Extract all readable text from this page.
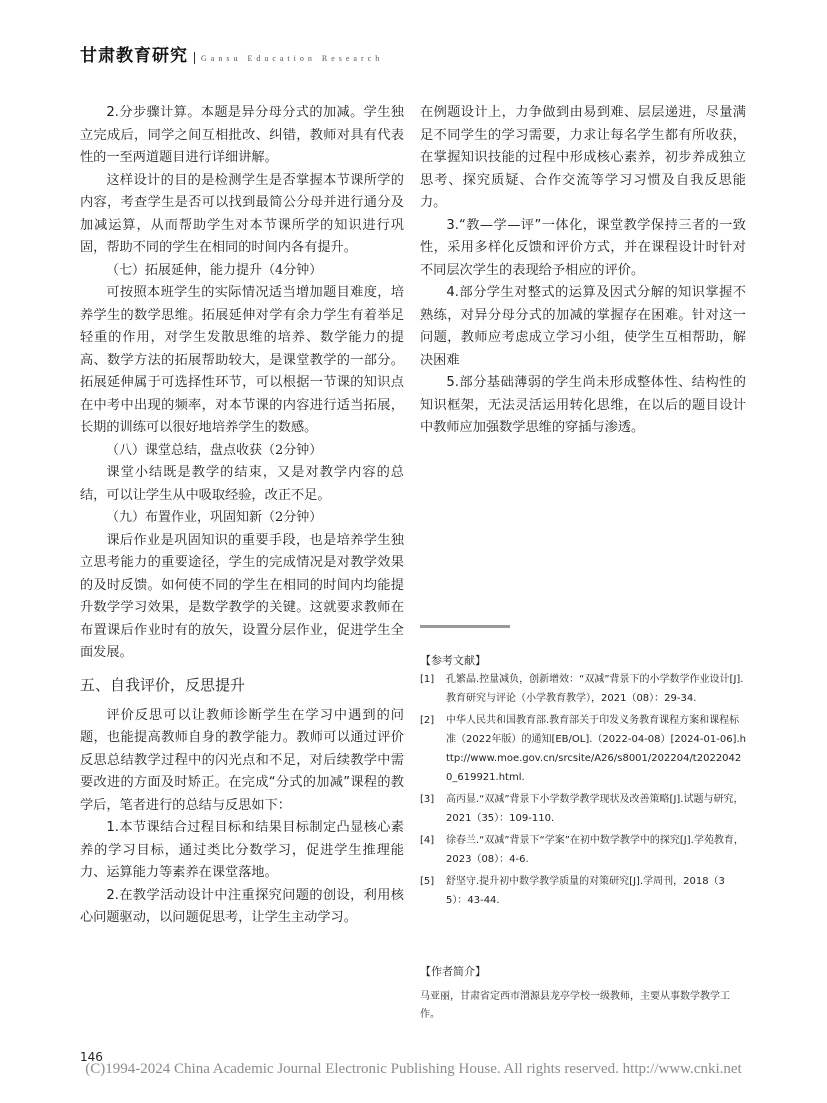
甘肃教育研究 Gansu Education Research

2.分步骤计算。本题是异分母分式的加减。学生独立完成后，同学之间互相批改、纠错，教师对具有代表性的一至两道题目进行详细讲解。

这样设计的目的是检测学生是否掌握本节课所学的内容，考查学生是否可以找到最简公分母并进行通分及加减运算，从而帮助学生对本节课所学的知识进行巩固，帮助不同的学生在相同的时间内各有提升。

（七）拓展延伸，能力提升（4分钟）

可按照本班学生的实际情况适当增加题目难度，培养学生的数学思维。拓展延伸对学有余力学生有着举足轻重的作用，对学生发散思维的培养、数学能力的提高、数学方法的拓展帮助较大，是课堂教学的一部分。拓展延伸属于可选择性环节，可以根据一节课的知识点在中考中出现的频率，对本节课的内容进行适当拓展，长期的训练可以很好地培养学生的数感。

（八）课堂总结，盘点收获（2分钟）

课堂小结既是教学的结束，又是对教学内容的总结，可以让学生从中吸取经验，改正不足。

（九）布置作业，巩固知新（2分钟）

课后作业是巩固知识的重要手段，也是培养学生独立思考能力的重要途径，学生的完成情况是对教学效果的及时反馈。如何使不同的学生在相同的时间内均能提升数学学习效果，是数学教学的关键。这就要求教师在布置课后作业时有的放矢，设置分层作业，促进学生全面发展。

五、自我评价，反思提升

评价反思可以让教师诊断学生在学习中遇到的问题，也能提高教师自身的教学能力。教师可以通过评价反思总结教学过程中的闪光点和不足，对后续教学中需要改进的方面及时矫正。在完成“分式的加减”课程的教学后，笔者进行的总结与反思如下：

1.本节课结合过程目标和结果目标制定凸显核心素养的学习目标，通过类比分数学习，促进学生推理能力、运算能力等素养在课堂落地。

2.在教学活动设计中注重探究问题的创设，利用核心问题驱动，以问题促思考，让学生主动学习。

在例题设计上，力争做到由易到难、层层递进，尽量满足不同学生的学习需要，力求让每名学生都有所收获，在掌握知识技能的过程中形成核心素养，初步养成独立思考、探究质疑、合作交流等学习习惯及自我反思能力。

3.“教—学—评”一体化，课堂教学保持三者的一致性，采用多样化反馈和评价方式，并在课程设计时针对不同层次学生的表现给予相应的评价。

4.部分学生对整式的运算及因式分解的知识掌握不熟练，对异分母分式的加减的掌握存在困难。针对这一问题，教师应考虑成立学习小组，使学生互相帮助，解决困难

5.部分基础薄弱的学生尚未形成整体性、结构性的知识框架，无法灵活运用转化思维，在以后的题目设计中教师应加强数学思维的穿插与渗透。

【参考文献】
[1]	孔繁晶.控量减负，创新增效：“双减”背景下的小学数学作业设计[J].教育研究与评论（小学教育教学），2021（08）：29-34.
[2]	中华人民共和国教育部.教育部关于印发义务教育课程方案和课程标准（2022年版）的通知[EB/OL].（2022-04-08）[2024-01-06].http://www.moe.gov.cn/srcsite/A26/s8001/202204/t20220420_619921.html.
[3]	高丙显.“双减”背景下小学数学教学现状及改善策略[J].试题与研究，2021（35）：109-110.
[4]	徐春兰.“双减”背景下“学案”在初中数学教学中的探究[J].学苑教育，2023（08）：4-6.
[5]	舒坚守.提升初中数学教学质量的对策研究[J].学周刊，2018（35）：43-44.
【作者简介】
马亚丽，甘肃省定西市渭源县龙亭学校一级教师，主要从事数学教学工作。
146
(C)1994-2024 China Academic Journal Electronic Publishing House. All rights reserved. http://www.cnki.net
